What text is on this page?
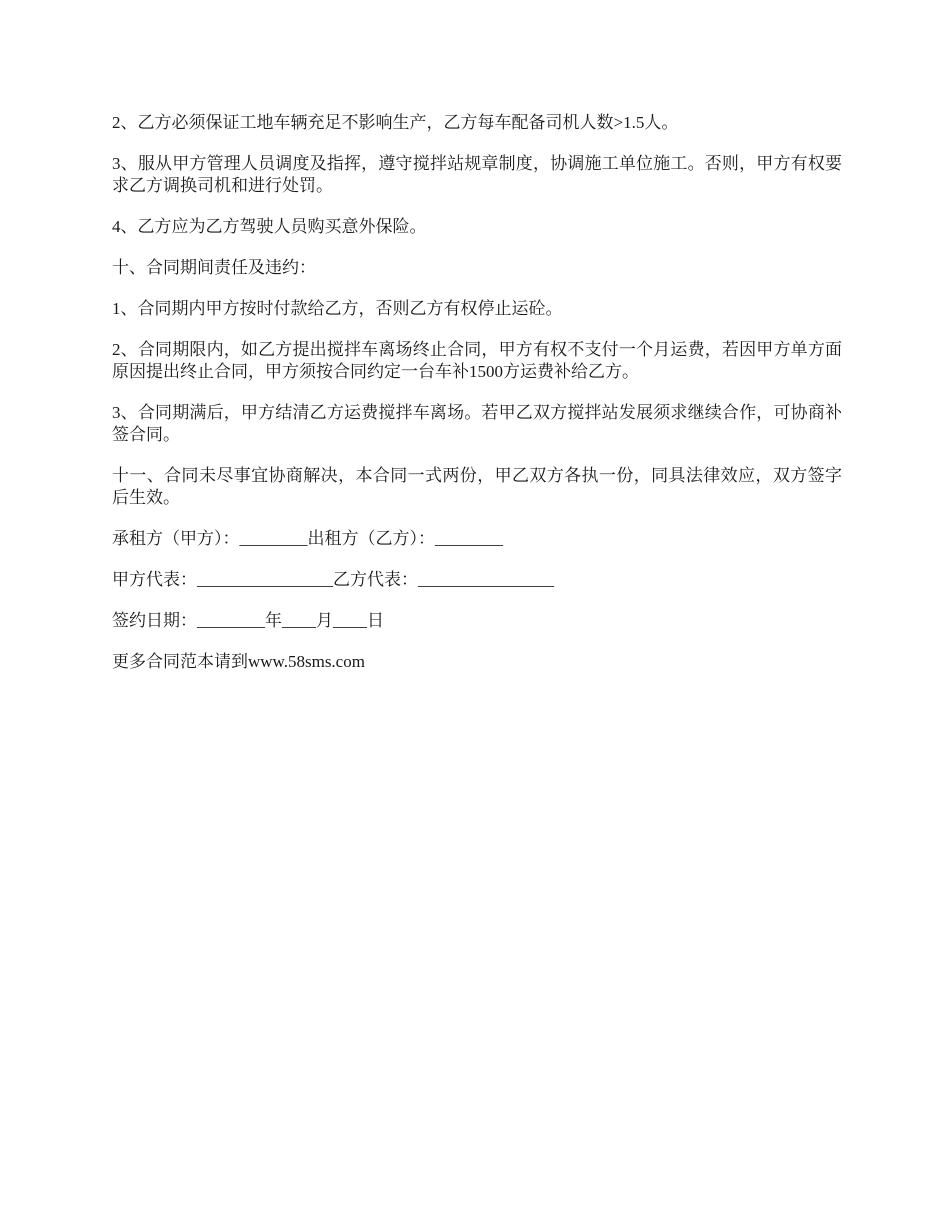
2、乙方必须保证工地车辆充足不影响生产，乙方每车配备司机人数>1.5人。

3、服从甲方管理人员调度及指挥，遵守搅拌站规章制度，协调施工单位施工。否则，甲方有权要求乙方调换司机和进行处罚。

4、乙方应为乙方驾驶人员购买意外保险。

十、合同期间责任及违约：

1、合同期内甲方按时付款给乙方，否则乙方有权停止运砼。

2、合同期限内，如乙方提出搅拌车离场终止合同，甲方有权不支付一个月运费，若因甲方单方面原因提出终止合同，甲方须按合同约定一台车补1500方运费补给乙方。

3、合同期满后，甲方结清乙方运费搅拌车离场。若甲乙双方搅拌站发展须求继续合作，可协商补签合同。

十一、合同未尽事宜协商解决，本合同一式两份，甲乙双方各执一份，同具法律效应，双方签字后生效。

承租方（甲方）：________出租方（乙方）：________

甲方代表：________________乙方代表：________________

签约日期：________年____月____日

更多合同范本请到www.58sms.com
